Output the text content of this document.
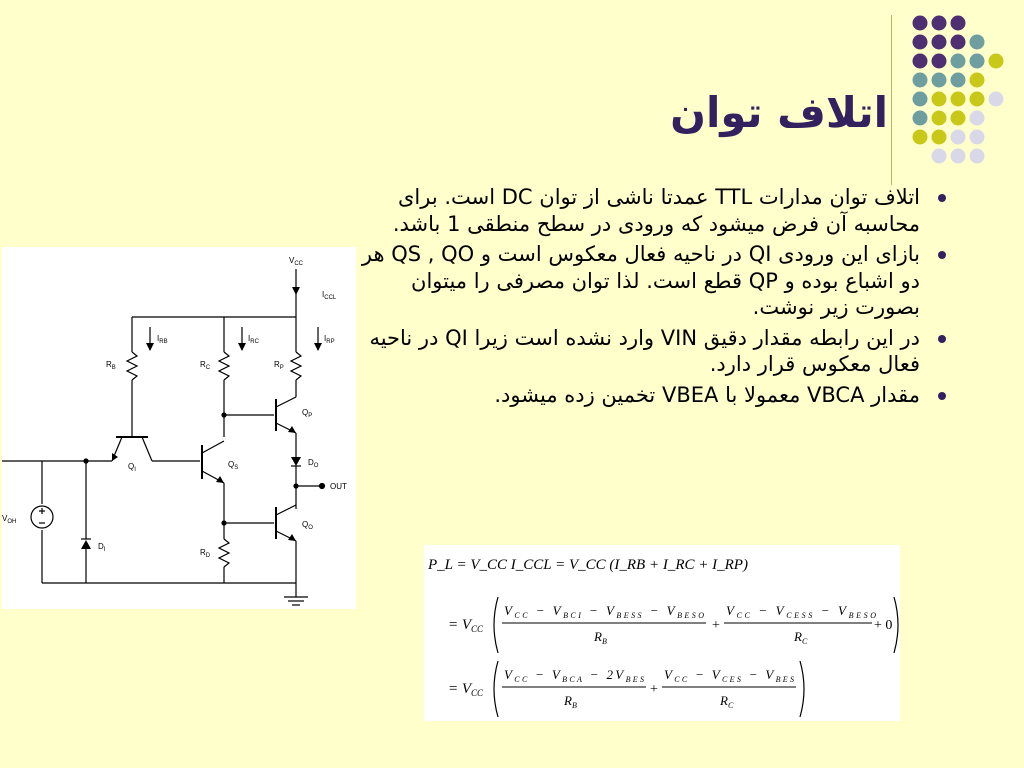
اتلاف توان
اتلاف توان مدارات TTL عمدتا ناشی از توان DC است. برای محاسبه آن فرض میشود که ورودی در سطح منطقی 1 باشد.
بازای این ورودی QI در ناحیه فعال معکوس است و QS , QO هر دو اشباع بوده و QP قطع است. لذا توان مصرفی را میتوان بصورت زیر نوشت.
در این رابطه مقدار دقیق VIN وارد نشده است زیرا QI در ناحیه فعال معکوس قرار دارد.
مقدار VBCA معمولا با VBEA تخمین زده میشود.
$V_{CC}$
$I_{CCL}$
$I_{RB}$	$I_{RC}$	$I_{RP}$
$R_B$	$R_C$	$R_P$
$Q_I$
$Q_S$
$Q_P$
$D_O$
OUT
$Q_O$
$R_D$
$D_I$
$V_{OH}$
P_L = V_CC I_CCL = V_CC (I_RB + I_RC + I_RP)
= $V_{CC}$
V $_{CC}$ − V $_{BCI}$ − V $_{BESS}$ − V $_{BESO}$
$R_B$
+
V $_{CC}$ − V $_{CESS}$ − V $_{BESO}$
$R_C$
+ 0
= $V_{CC}$
V $_{CC}$ − V $_{BCA}$ − 2V $_{BES}$
$R_B$
+
V $_{CC}$ − V $_{CES}$ − V $_{BES}$
$R_C$
